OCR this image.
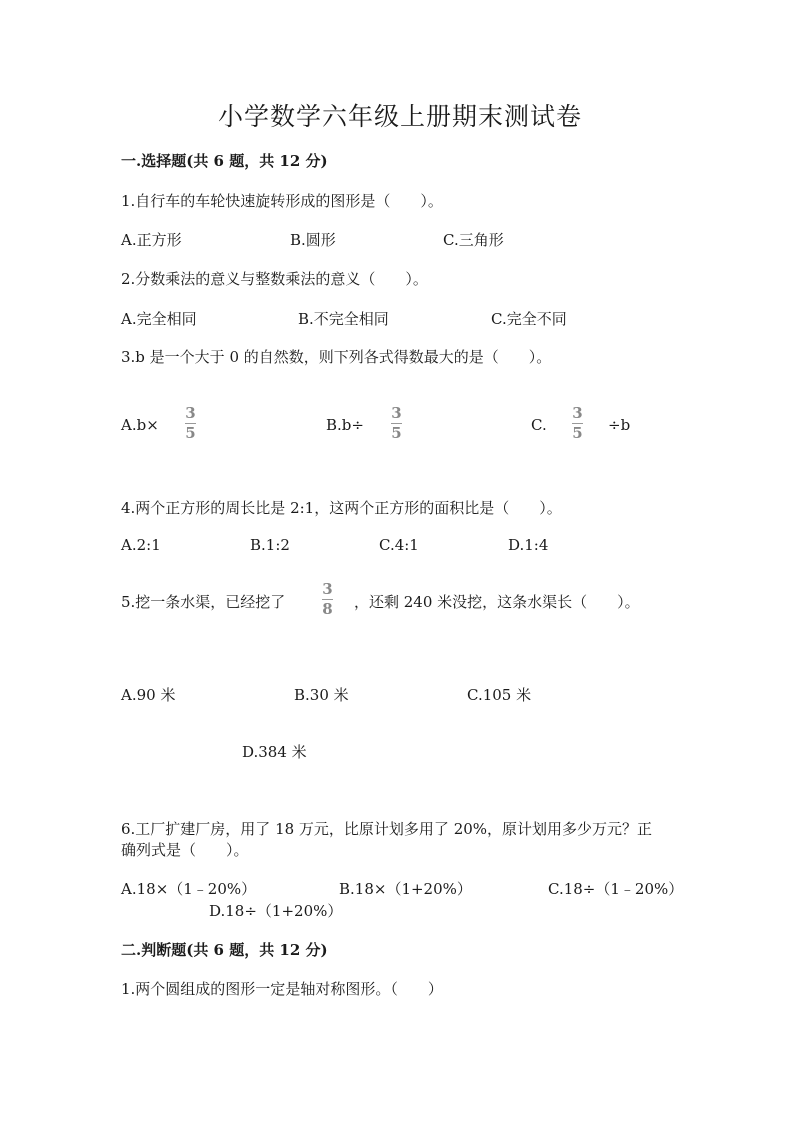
小学数学六年级上册期末测试卷
一.选择题(共 6 题，共 12 分)
1.自行车的车轮快速旋转形成的图形是（　　）。
A.正方形	B.圆形	C.三角形
2.分数乘法的意义与整数乘法的意义（　　）。
A.完全相同	B.不完全相同	C.完全不同
3.b 是一个大于 0 的自然数，则下列各式得数最大的是（　　）。
A.b×
3
5	B.b÷
3
5	C.
3
5 ÷b
4.两个正方形的周长比是 2:1，这两个正方形的面积比是（　　）。
A.2:1	B.1:2	C.4:1	D.1:4
5.挖一条水渠，已经挖了
3
8 ，还剩 240 米没挖，这条水渠长（　　）。
A.90 米	B.30 米	C.105 米
D.384 米
6.工厂扩建厂房，用了 18 万元，比原计划多用了 20%，原计划用多少万元？正
确列式是（　　）。
A.18×（1﹣20%）	B.18×（1+20%）	C.18÷（1﹣20%）
D.18÷（1+20%）
二.判断题(共 6 题，共 12 分)
1.两个圆组成的图形一定是轴对称图形。（　　）
